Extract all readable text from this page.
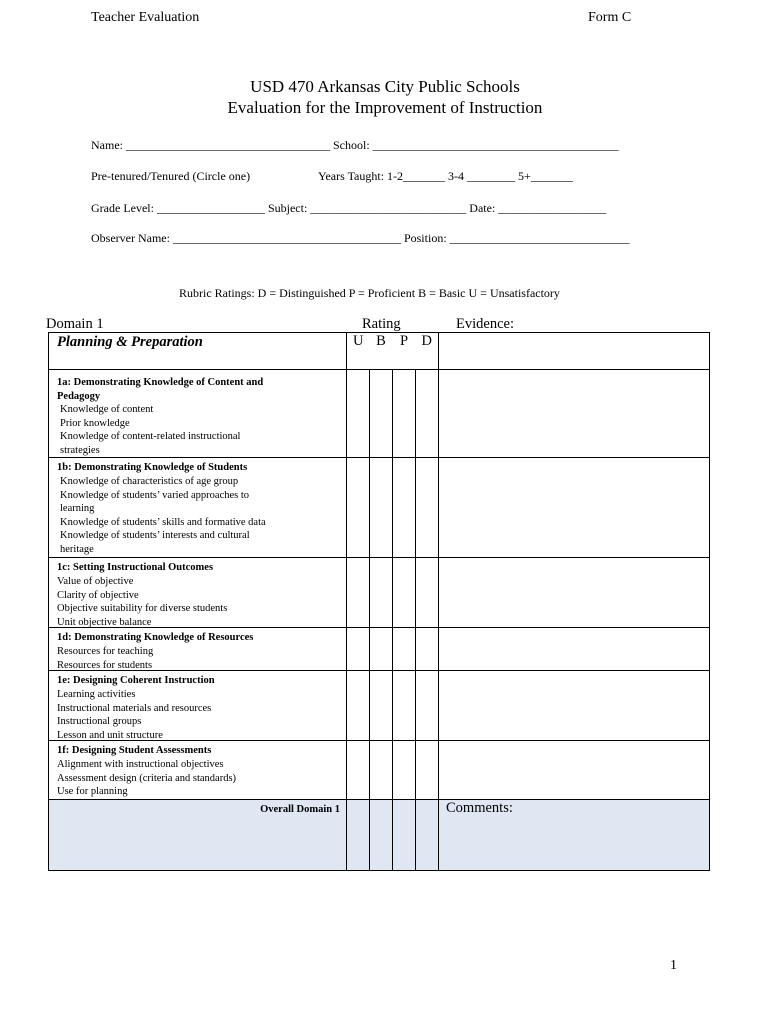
Teacher Evaluation	Form C
USD 470 Arkansas City Public Schools
Evaluation for the Improvement of Instruction
Name: __________________________________ School: _________________________________________
Pre-tenured/Tenured (Circle one)	Years Taught: 1-2_______ 3-4 ________ 5+_______
Grade Level: __________________ Subject: __________________________ Date: __________________
Observer Name: ______________________________________ Position: ______________________________
Rubric Ratings: D = Distinguished P = Proficient B = Basic U = Unsatisfactory
Domain 1	Rating	Evidence:
Planning & Preparation	U	B	P	D	

1a: Demonstrating Knowledge of Content and Pedagogy
Knowledge of content
Prior knowledge
Knowledge of content-related instructional strategies					

1b: Demonstrating Knowledge of Students
Knowledge of characteristics of age group
Knowledge of students’ varied approaches to learning
Knowledge of students’ skills and formative data
Knowledge of students’ interests and cultural heritage					

1c: Setting Instructional Outcomes
Value of objective
Clarity of objective
Objective suitability for diverse students
Unit objective balance					

1d: Demonstrating Knowledge of Resources
Resources for teaching
Resources for students					

1e: Designing Coherent Instruction
Learning activities
Instructional materials and resources
Instructional groups
Lesson and unit structure					

1f: Designing Student Assessments
Alignment with instructional objectives
Assessment design (criteria and standards)
Use for planning					

Overall Domain 1					Comments:
1
